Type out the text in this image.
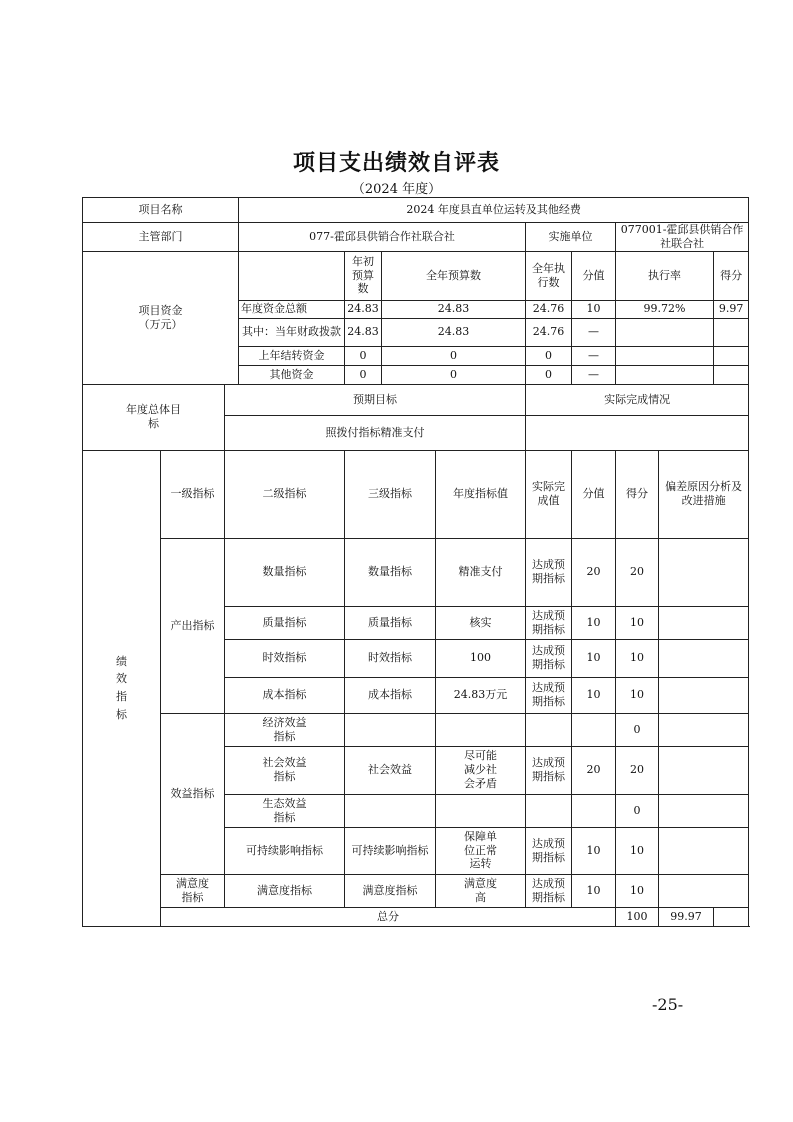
项目支出绩效自评表
（2024 年度）
项目名称			2024 年度县直单位运转及其他经费								
主管部门			077-霍邱县供销合作社联合社				实施单位		077001-霍邱县供销合作社联合社		

项目资金（万元）				年初预算数	全年预算数		全年执行数	分值	执行率		得分
			年度资金总额	24.83	24.83		24.76	10	99.72%		9.97
			其中：当年财政拨款	24.83	24.83		24.76	—			
			上年结转资金	0	0		0	—			
			其他资金	0	0		0	—			

年度总体目标		预期目标					实际完成情况				
		照拨付指标精准支付									
绩效指标	一级指标	二级指标		三级指标		年度指标值	实际完成值	分值	得分	偏差原因分析及改进措施	
	产出指标	数量指标		数量指标		精准支付	达成预期指标	20	20		
		质量指标		质量指标		核实	达成预期指标	10	10		
		时效指标		时效指标		100	达成预期指标	10	10		
		成本指标		成本指标		24.83万元	达成预期指标	10	10		
	效益指标	经济效益指标							0		

		社会效益指标		社会效益		尽可能减少社会矛盾	达成预期指标	20	20		

		生态效益指标							0		
		可持续影响指标		可持续影响指标		保障单位正常运转	达成预期指标	10	10		

	满意度指标	满意度指标		满意度指标		满意度高	达成预期指标	10	10		
	总分								100	99.97	
-25-
